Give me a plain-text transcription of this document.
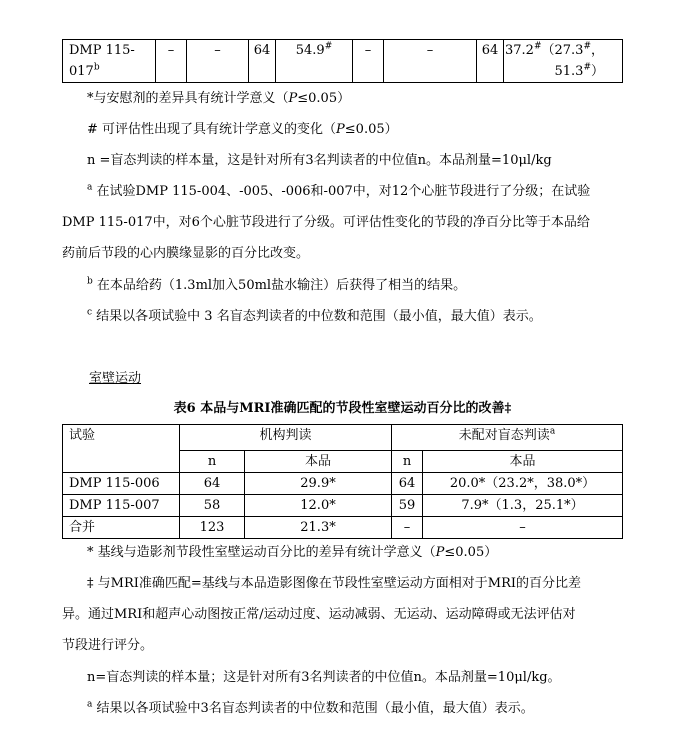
DMP 115-
017$^b$	–	–	64	54.9#	–	–	64	37.2#（27.3#，
51.3#）
*与安慰剂的差异具有统计学意义（P≤0.05）
# 可评估性出现了具有统计学意义的变化（P≤0.05）
n =盲态判读的样本量，这是针对所有3名判读者的中位值n。本品剂量=10μl/kg
$^a$ 在试验DMP 115-004、-005、-006和-007中，对12个心脏节段进行了分级；在试验
DMP 115-017中，对6个心脏节段进行了分级。可评估性变化的节段的净百分比等于本品给
药前后节段的心内膜缘显影的百分比改变。
$^b$ 在本品给药（1.3ml加入50ml盐水输注）后获得了相当的结果。
$^c$ 结果以各项试验中 3 名盲态判读者的中位数和范围（最小值，最大值）表示。
室壁运动
表6 本品与MRI准确匹配的节段性室壁运动百分比的改善‡
试验	机构判读		未配对盲态判读$^a$
	n	本品	n	本品
DMP 115-006	64	29.9*	64	20.0*（23.2*，38.0*）
DMP 115-007	58	12.0*	59	7.9*（1.3，25.1*）
合并	123	21.3*	–	–
* 基线与造影剂节段性室壁运动百分比的差异有统计学意义（P≤0.05）
‡ 与MRI准确匹配=基线与本品造影图像在节段性室壁运动方面相对于MRI的百分比差
异。通过MRI和超声心动图按正常/运动过度、运动减弱、无运动、运动障碍或无法评估对
节段进行评分。
n=盲态判读的样本量；这是针对所有3名判读者的中位值n。本品剂量=10μl/kg。
$^a$ 结果以各项试验中3名盲态判读者的中位数和范围（最小值，最大值）表示。
